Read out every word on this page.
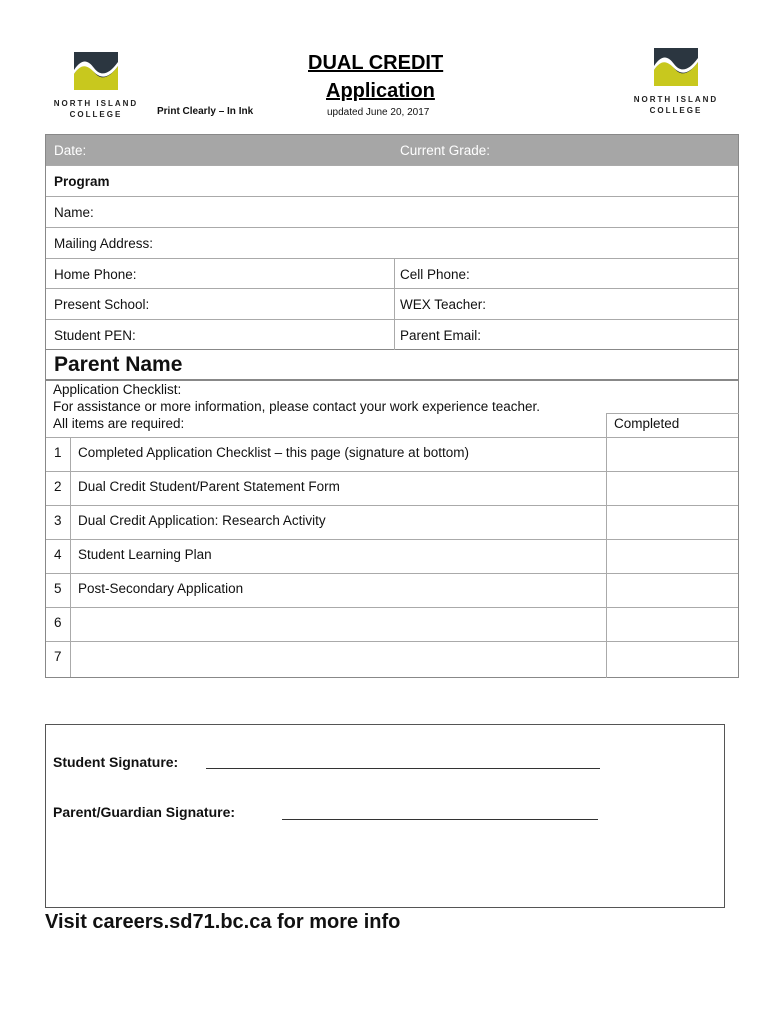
NORTH ISLAND
COLLEGE
NORTH ISLAND
COLLEGE
DUAL CREDIT
Application
Print Clearly – In Ink	updated June 20, 2017
Date:	Current Grade:
Program
Name:
Mailing Address:
Home Phone:	Cell Phone:
Present School:	WEX Teacher:
Student PEN:	Parent Email:
Parent Name
Application Checklist:
For assistance or more information, please contact your work experience teacher.
All items are required:	Completed
1 Completed Application Checklist – this page (signature at bottom)
2 Dual Credit Student/Parent Statement Form
3 Dual Credit Application: Research Activity
4 Student Learning Plan
5 Post-Secondary Application
6
7
Student Signature:
Parent/Guardian Signature:
Visit careers.sd71.bc.ca for more info
